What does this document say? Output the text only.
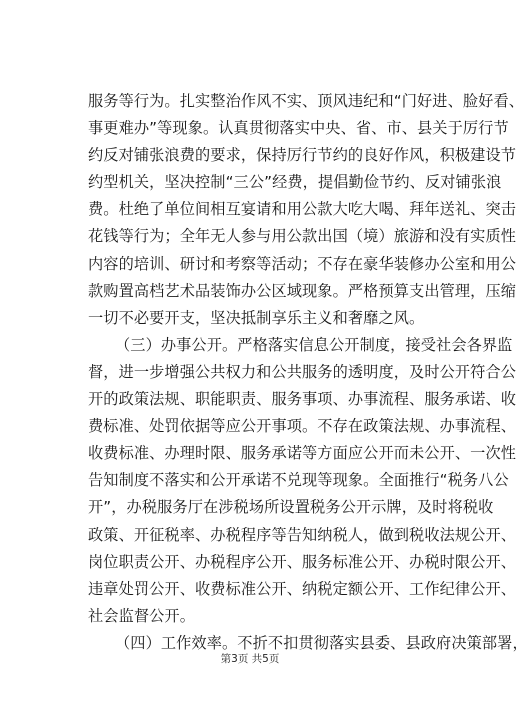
服务等行为。扎实整治作风不实、顶风违纪和“门好进、脸好看、
事更难办”等现象。认真贯彻落实中央、省、市、县关于厉行节
约反对铺张浪费的要求，保持厉行节约的良好作风，积极建设节
约型机关，坚决控制“三公”经费，提倡勤俭节约、反对铺张浪
费。杜绝了单位间相互宴请和用公款大吃大喝、拜年送礼、突击
花钱等行为；全年无人参与用公款出国（境）旅游和没有实质性
内容的培训、研讨和考察等活动；不存在豪华装修办公室和用公
款购置高档艺术品装饰办公区域现象。严格预算支出管理，压缩
一切不必要开支，坚决抵制享乐主义和奢靡之风。
（三）办事公开。严格落实信息公开制度，接受社会各界监
督，进一步增强公共权力和公共服务的透明度，及时公开符合公
开的政策法规、职能职责、服务事项、办事流程、服务承诺、收
费标准、处罚依据等应公开事项。不存在政策法规、办事流程、
收费标准、办理时限、服务承诺等方面应公开而未公开、一次性
告知制度不落实和公开承诺不兑现等现象。全面推行“税务八公
开”，办税服务厅在涉税场所设置税务公开示牌，及时将税收
政策、开征税率、办税程序等告知纳税人，做到税收法规公开、
岗位职责公开、办税程序公开、服务标准公开、办税时限公开、
违章处罚公开、收费标准公开、纳税定额公开、工作纪律公开、
社会监督公开。
（四）工作效率。不折不扣贯彻落实县委、县政府决策部署，
第3页 共5页
